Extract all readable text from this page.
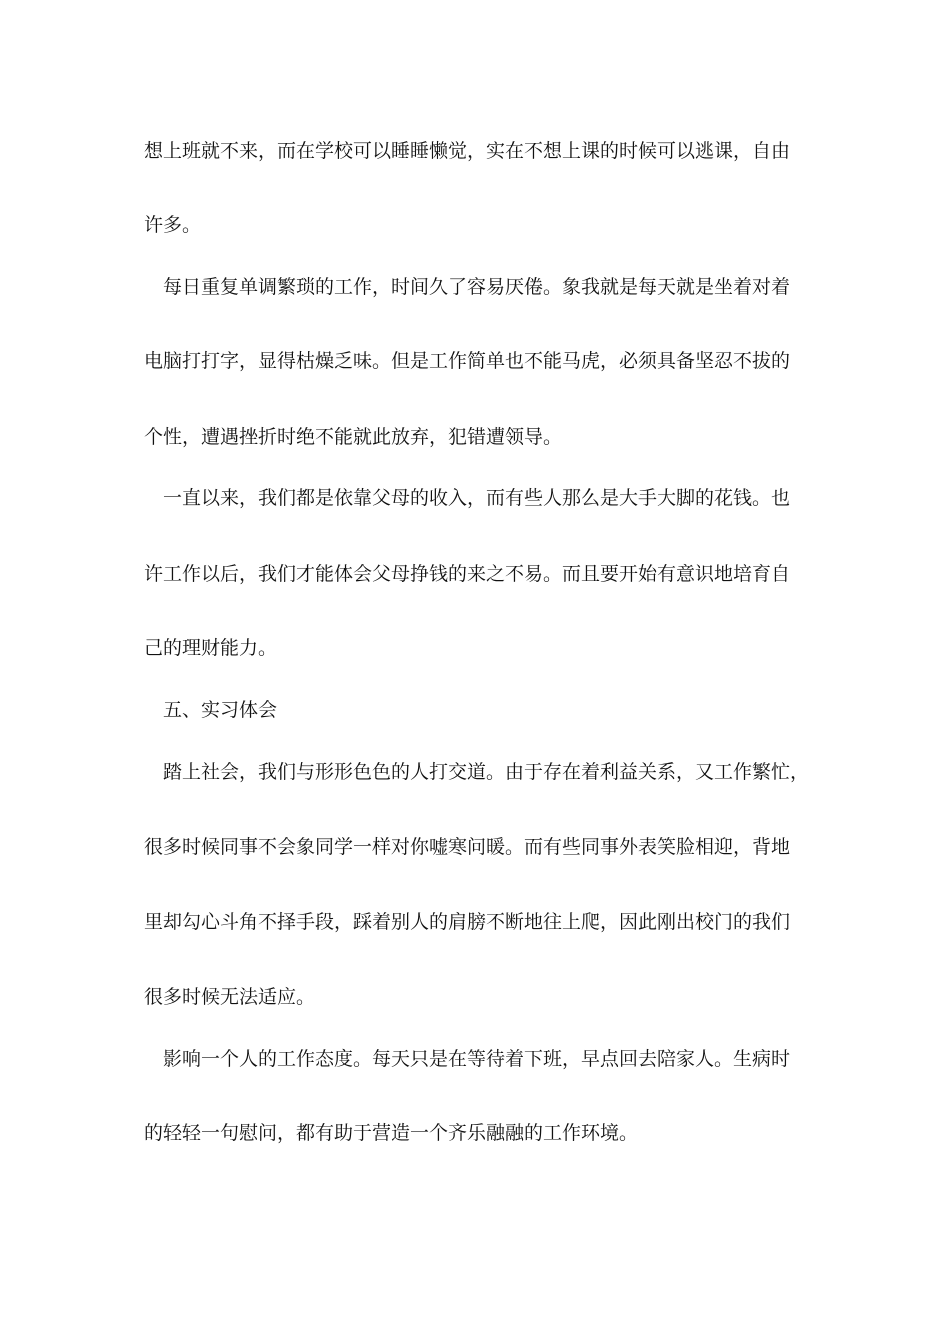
想上班就不来，而在学校可以睡睡懒觉，实在不想上课的时候可以逃课，自由
许多。
每日重复单调繁琐的工作，时间久了容易厌倦。象我就是每天就是坐着对着
电脑打打字，显得枯燥乏味。但是工作简单也不能马虎，必须具备坚忍不拔的
个性，遭遇挫折时绝不能就此放弃，犯错遭领导。
一直以来，我们都是依靠父母的收入，而有些人那么是大手大脚的花钱。也
许工作以后，我们才能体会父母挣钱的来之不易。而且要开始有意识地培育自
己的理财能力。
五、实习体会
踏上社会，我们与形形色色的人打交道。由于存在着利益关系，又工作繁忙，
很多时候同事不会象同学一样对你嘘寒问暖。而有些同事外表笑脸相迎，背地
里却勾心斗角不择手段，踩着别人的肩膀不断地往上爬，因此刚出校门的我们
很多时候无法适应。
影响一个人的工作态度。每天只是在等待着下班，早点回去陪家人。生病时
的轻轻一句慰问，都有助于营造一个齐乐融融的工作环境。
